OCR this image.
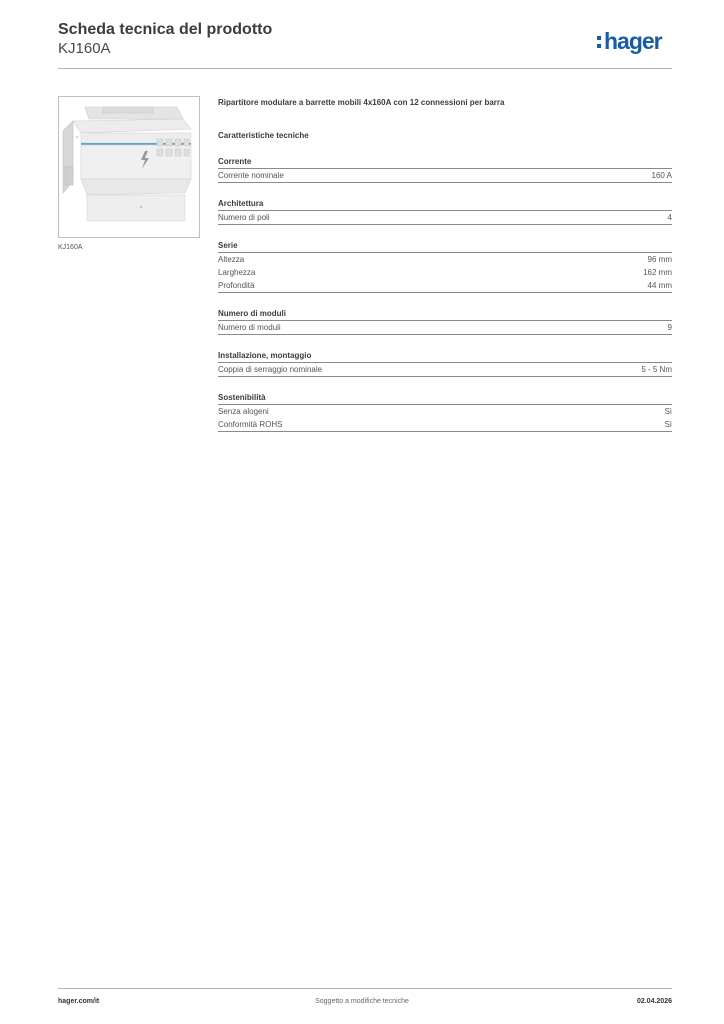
Scheda tecnica del prodotto
KJ160A	hager
KJ160A
Ripartitore modulare a barrette mobili 4x160A con 12 connessioni per barra
Caratteristiche tecniche
Corrente
Corrente nominale	160 A
Architettura
Numero di poli	4
Serie
Altezza	96 mm
Larghezza	162 mm
Profondità	44 mm
Numero di moduli
Numero di moduli	9
Installazione, montaggio
Coppia di serraggio nominale	5 - 5 Nm
Sostenibilità
Senza alogeni	Sì
Conformità ROHS	Sì
hager.com/it	Soggetto a modifiche tecniche	02.04.2026
